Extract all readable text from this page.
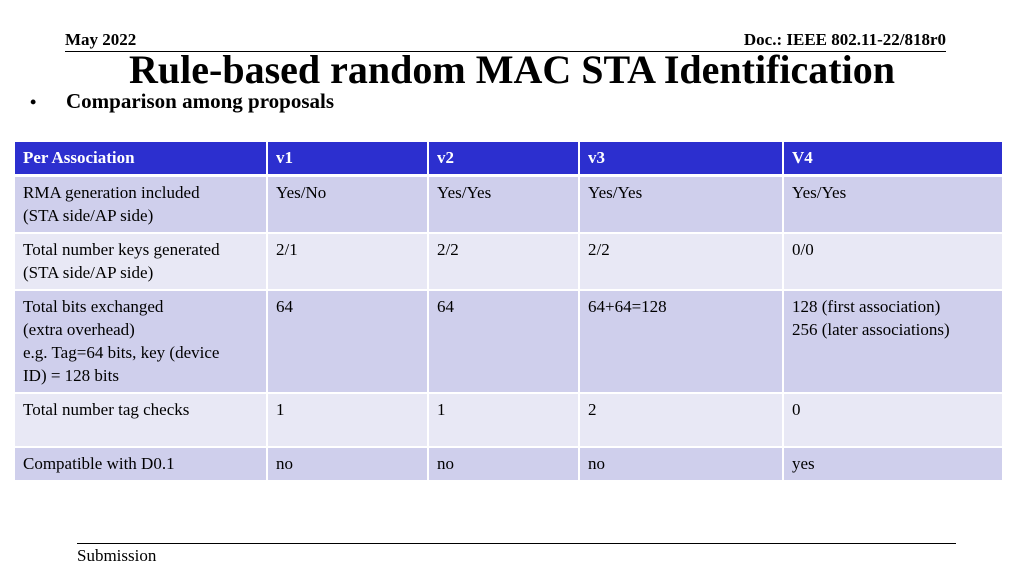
May 2022	Doc.: IEEE 802.11-22/818r0
Rule-based random MAC STA Identification
• Comparison among proposals
Per Association	v1	v2	v3	V4

RMA generation included
(STA side/AP side)	Yes/No	Yes/Yes	Yes/Yes	Yes/Yes

Total number keys generated
(STA side/AP side)	2/1	2/2	2/2	0/0

Total bits exchanged
(extra overhead)
e.g. Tag=64 bits, key (device
ID) = 128 bits	64	64	64+64=128	128 (first association)
256 (later associations)

Total number tag checks	1	1	2	0

Compatible with D0.1	no	no	no	yes
Submission
